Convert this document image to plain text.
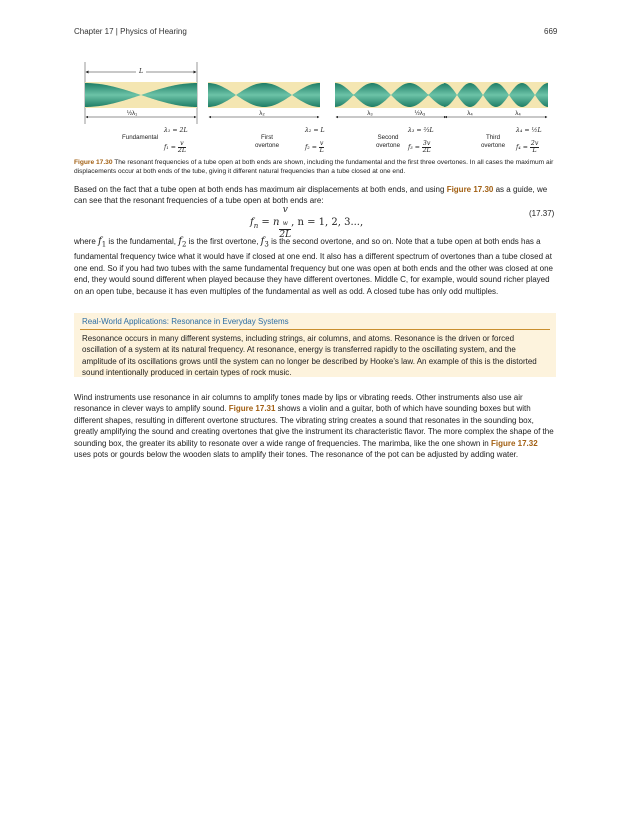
Chapter 17 | Physics of Hearing	669
L
½λ₁
Fundamental
λ₁ = 2L
$f_1 = \frac{v}{2L}$
λ₂
First overtone
λ₂ = L
$f_2 = \frac{v}{L}$
λ₃	½λ₃
Second overtone
λ₃ = ⅔L
$f_3 = \frac{3v}{2L}$
λ₄	λ₄
Third overtone
λ₄ = ½L
$f_4 = \frac{2v}{L}$
Figure 17.30 The resonant frequencies of a tube open at both ends are shown, including the fundamental and the first three overtones. In all cases the maximum air displacements occur at both ends of the tube, giving it different natural frequencies than a tube closed at one end.

Based on the fact that a tube open at both ends has maximum air displacements at both ends, and using Figure 17.30 as a guide, we can see that the resonant frequencies of a tube open at both ends are:

$f_n = n$ v
$_w$
2L , n = 1, 2, 3...,
(17.37)

where $f_1$ is the fundamental, $f_2$ is the first overtone, $f_3$ is the second overtone, and so on. Note that a tube open at both ends has a fundamental frequency twice what it would have if closed at one end. It also has a different spectrum of overtones than a tube closed at one end. So if you had two tubes with the same fundamental frequency but one was open at both ends and the other was closed at one end, they would sound different when played because they have different overtones. Middle C, for example, would sound richer played on an open tube, because it has even multiples of the fundamental as well as odd. A closed tube has only odd multiples.

Real-World Applications: Resonance in Everyday Systems
Resonance occurs in many different systems, including strings, air columns, and atoms. Resonance is the driven or forced oscillation of a system at its natural frequency. At resonance, energy is transferred rapidly to the oscillating system, and the amplitude of its oscillations grows until the system can no longer be described by Hooke’s law. An example of this is the distorted sound intentionally produced in certain types of rock music.

Wind instruments use resonance in air columns to amplify tones made by lips or vibrating reeds. Other instruments also use air resonance in clever ways to amplify sound. Figure 17.31 shows a violin and a guitar, both of which have sounding boxes but with different shapes, resulting in different overtone structures. The vibrating string creates a sound that resonates in the sounding box, greatly amplifying the sound and creating overtones that give the instrument its characteristic flavor. The more complex the shape of the sounding box, the greater its ability to resonate over a wide range of frequencies. The marimba, like the one shown in Figure 17.32 uses pots or gourds below the wooden slats to amplify their tones. The resonance of the pot can be adjusted by adding water.
